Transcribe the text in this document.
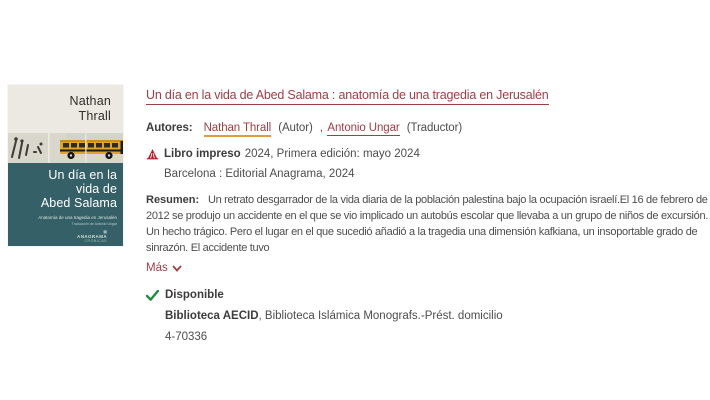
Nathan
Thrall
Un día en la
vida de
Abed Salama
Anatomía de una tragedia en Jerusalén
Traducción de Antonio Ungar
▦
ANAGRAMA
CRÓNICAS
Un día en la vida de Abed Salama : anatomía de una tragedia en Jerusalén
Autores: Nathan Thrall (Autor) , Antonio Ungar (Traductor)
Libro impreso 2024, Primera edición: mayo 2024
Barcelona : Editorial Anagrama, 2024
Resumen: Un retrato desgarrador de la vida diaria de la población palestina bajo la ocupación israelí.El 16 de febrero de 2012 se produjo un accidente en el que se vio implicado un autobús escolar que llevaba a un grupo de niños de excursión. Un hecho trágico. Pero el lugar en el que sucedió añadió a la tragedia una dimensión kafkiana, un insoportable grado de sinrazón. El accidente tuvo
Más
Disponible
Biblioteca AECID, Biblioteca Islámica Monografs.-Prést. domicilio
4-70336
